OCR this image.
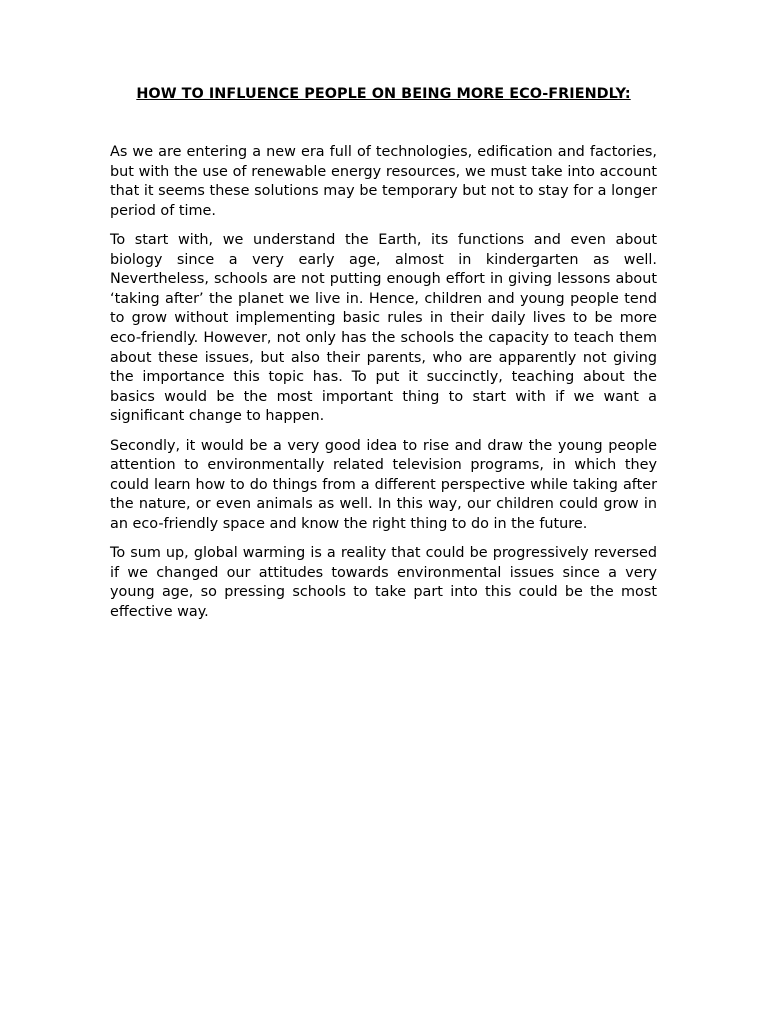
HOW TO INFLUENCE PEOPLE ON BEING MORE ECO-FRIENDLY:

As we are entering a new era full of technologies, edification and factories, but with the use of renewable energy resources, we must take into account that it seems these solutions may be temporary but not to stay for a longer period of time.

To start with, we understand the Earth, its functions and even about biology since a very early age, almost in kindergarten as well. Nevertheless, schools are not putting enough effort in giving lessons about ‘taking after’ the planet we live in. Hence, children and young people tend to grow without implementing basic rules in their daily lives to be more eco-friendly. However, not only has the schools the capacity to teach them about these issues, but also their parents, who are apparently not giving the importance this topic has. To put it succinctly, teaching about the basics would be the most important thing to start with if we want a significant change to happen.

Secondly, it would be a very good idea to rise and draw the young people attention to environmentally related television programs, in which they could learn how to do things from a different perspective while taking after the nature, or even animals as well. In this way, our children could grow in an eco-friendly space and know the right thing to do in the future.

To sum up, global warming is a reality that could be progressively reversed if we changed our attitudes towards environmental issues since a very young age, so pressing schools to take part into this could be the most effective way.
